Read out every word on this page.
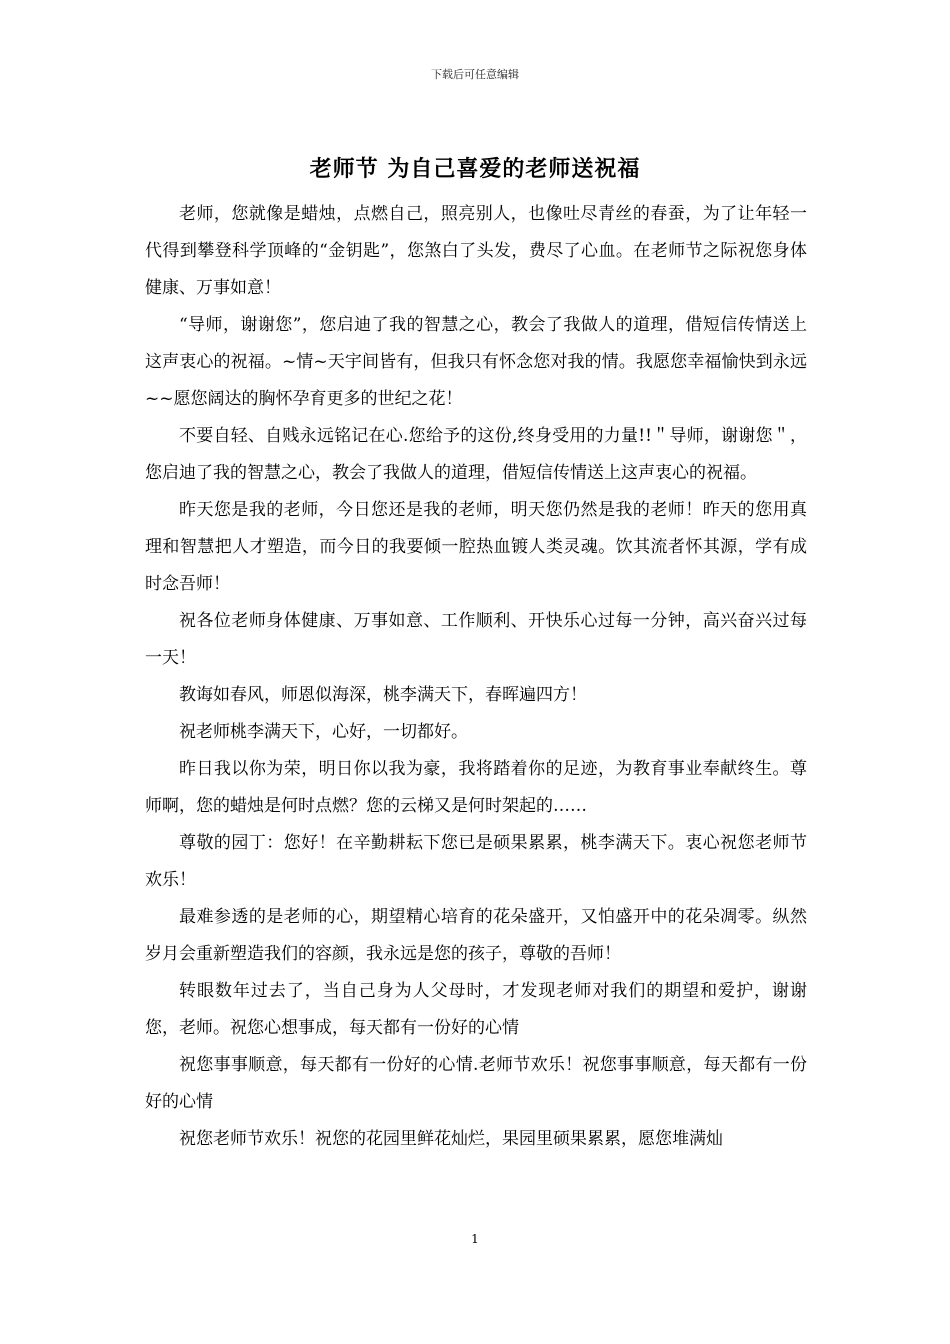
下载后可任意编辑
老师节 为自己喜爱的老师送祝福

老师，您就像是蜡烛，点燃自己，照亮别人，也像吐尽青丝的春蚕，为了让年轻一代得到攀登科学顶峰的“金钥匙”，您煞白了头发，费尽了心血。在老师节之际祝您身体健康、万事如意！

“导师，谢谢您”，您启迪了我的智慧之心，教会了我做人的道理，借短信传情送上这声衷心的祝福。~情~天宇间皆有，但我只有怀念您对我的情。我愿您幸福愉快到永远~~愿您阔达的胸怀孕育更多的世纪之花！

不要自轻、自贱永远铭记在心.您给予的这份,终身受用的力量!!＂导师，谢谢您＂，您启迪了我的智慧之心，教会了我做人的道理，借短信传情送上这声衷心的祝福。

昨天您是我的老师，今日您还是我的老师，明天您仍然是我的老师！昨天的您用真理和智慧把人才塑造，而今日的我要倾一腔热血镀人类灵魂。饮其流者怀其源，学有成时念吾师！

祝各位老师身体健康、万事如意、工作顺利、开快乐心过每一分钟，高兴奋兴过每一天！

教诲如春风，师恩似海深，桃李满天下，春晖遍四方！

祝老师桃李满天下，心好，一切都好。

昨日我以你为荣，明日你以我为豪，我将踏着你的足迹，为教育事业奉献终生。尊师啊，您的蜡烛是何时点燃？您的云梯又是何时架起的……

尊敬的园丁：您好！在辛勤耕耘下您已是硕果累累，桃李满天下。衷心祝您老师节欢乐！

最难参透的是老师的心，期望精心培育的花朵盛开，又怕盛开中的花朵凋零。纵然岁月会重新塑造我们的容颜，我永远是您的孩子，尊敬的吾师！

转眼数年过去了，当自己身为人父母时，才发现老师对我们的期望和爱护，谢谢您，老师。祝您心想事成，每天都有一份好的心情

祝您事事顺意，每天都有一份好的心情.老师节欢乐！祝您事事顺意，每天都有一份好的心情

祝您老师节欢乐！祝您的花园里鲜花灿烂，果园里硕果累累，愿您堆满灿

1
